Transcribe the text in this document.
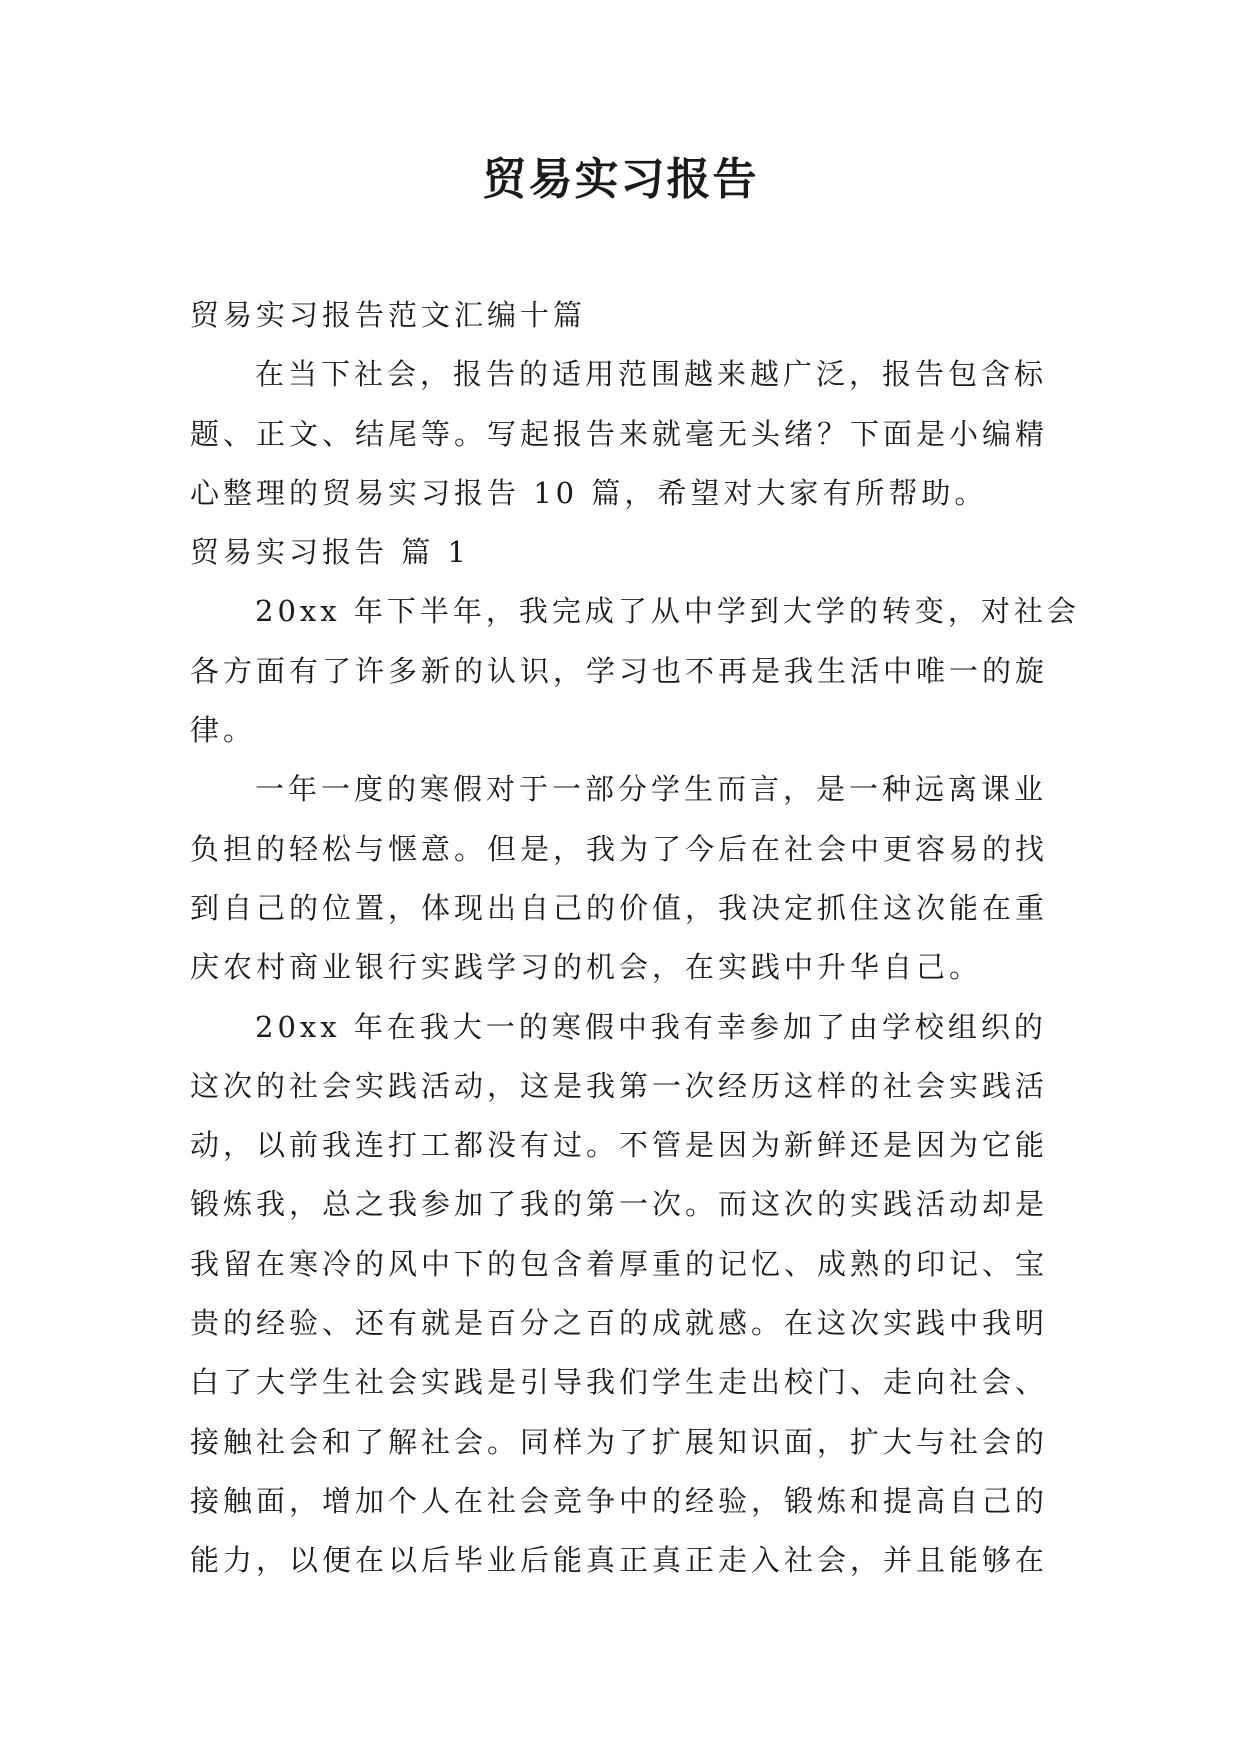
贸易实习报告

贸易实习报告范文汇编十篇

在当下社会，报告的适用范围越来越广泛，报告包含标

题、正文、结尾等。写起报告来就毫无头绪？下面是小编精

心整理的贸易实习报告 10 篇，希望对大家有所帮助。

贸易实习报告 篇 1

20xx 年下半年，我完成了从中学到大学的转变，对社会

各方面有了许多新的认识，学习也不再是我生活中唯一的旋

律。

一年一度的寒假对于一部分学生而言，是一种远离课业

负担的轻松与惬意。但是，我为了今后在社会中更容易的找

到自己的位置，体现出自己的价值，我决定抓住这次能在重

庆农村商业银行实践学习的机会，在实践中升华自己。

20xx 年在我大一的寒假中我有幸参加了由学校组织的

这次的社会实践活动，这是我第一次经历这样的社会实践活

动，以前我连打工都没有过。不管是因为新鲜还是因为它能

锻炼我，总之我参加了我的第一次。而这次的实践活动却是

我留在寒冷的风中下的包含着厚重的记忆、成熟的印记、宝

贵的经验、还有就是百分之百的成就感。在这次实践中我明

白了大学生社会实践是引导我们学生走出校门、走向社会、

接触社会和了解社会。同样为了扩展知识面，扩大与社会的

接触面，增加个人在社会竞争中的经验，锻炼和提高自己的

能力，以便在以后毕业后能真正真正走入社会，并且能够在
